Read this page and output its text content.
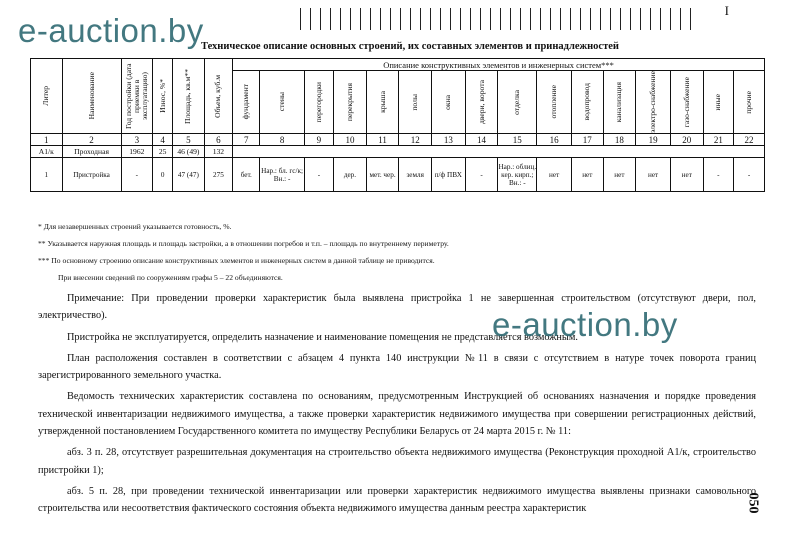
I
e-auction.by
Техническое описание основных строений, их составных элементов и принадлежностей
Литер	Наименование	Год постройки (дата приемки в эксплуатацию)	Износ, %*	Площадь, кв.м**	Объем, куб.м	Описание конструктивных элементов и инженерных систем***															

						фундамент	стены	перегородки	перекрытия	крыша	полы	окна	двери, ворота	отделка	отопление	водопровод	канализация	электро-снабжение	газо-снабжение	иные	прочие

1	2	3	4	5	6	7	8	9	10	11	12	13	14	15	16	17	18	19	20	21	22
А1/к	Проходная	1962	25	46 (49)	132																
1	Пристройка	-	0	47 (47)	275	бет.	Нар.: бл. гс/к; Вн.: -	-	дер.	мет. чер.	земля	п/ф ПВХ	-	Нар.: облиц. кер. кирп.; Вн.: -	нет	нет	нет	нет	нет	-	-
* Для незавершенных строений указывается готовность, %.
** Указывается наружная площадь и площадь застройки, а в отношении погребов и т.п. – площадь по внутреннему периметру.
*** По основному строению описание конструктивных элементов и инженерных систем в данной таблице не приводится.
При внесении сведений по сооружениям графы 5 – 22 объединяются.

Примечание: При проведении проверки характеристик была выявлена пристройка 1 не завершенная строительством (отсутствуют двери, пол, электричество).

Пристройка не эксплуатируется, определить назначение и наименование помещения не представляется возможным.

План расположения составлен в соответствии с абзацем 4 пункта 140 инструкции №11 в связи с отсутствием в натуре точек поворота границ зарегистрированного земельного участка.

Ведомость технических характеристик составлена по основаниям, предусмотренным Инструкцией об основаниях назначения и порядке проведения технической инвентаризации недвижимого имущества, а также проверки характеристик недвижимого имущества при совершении регистрационных действий, утвержденной постановлением Государственного комитета по имуществу Республики Беларусь от 24 марта 2015 г. № 11:

абз. 3 п. 28, отсутствует разрешительная документация на строительство объекта недвижимого имущества (Реконструкция проходной А1/к, строительство пристройки 1);

абз. 5 п. 28, при проведении технической инвентаризации или проверки характеристик недвижимого имущества выявлены признаки самовольного строительства или несоответствия фактического состояния объекта недвижимого имущества данным реестра характеристик

e-auction.by
050
